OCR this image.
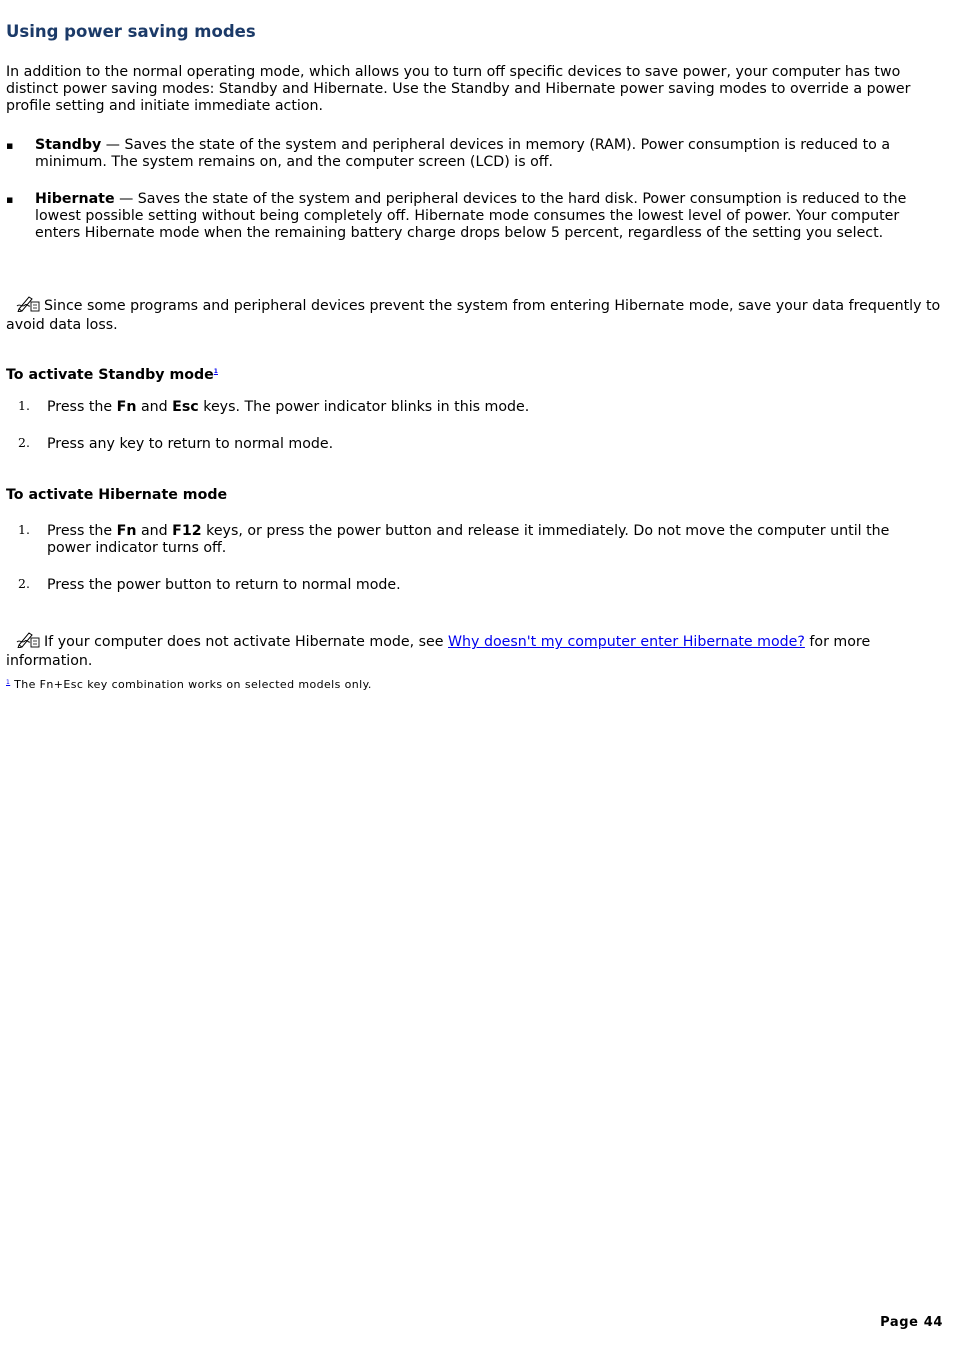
Using power saving modes

In addition to the normal operating mode, which allows you to turn off specific devices to save power, your computer has two distinct power saving modes: Standby and Hibernate. Use the Standby and Hibernate power saving modes to override a power profile setting and initiate immediate action.

▪ Standby — Saves the state of the system and peripheral devices in memory (RAM). Power consumption is reduced to a minimum. The system remains on, and the computer screen (LCD) is off.
▪ Hibernate — Saves the state of the system and peripheral devices to the hard disk. Power consumption is reduced to the lowest possible setting without being completely off. Hibernate mode consumes the lowest level of power. Your computer enters Hibernate mode when the remaining battery charge drops below 5 percent, regardless of the setting you select.
Since some programs and peripheral devices prevent the system from entering Hibernate mode, save your data frequently to avoid data loss.
To activate Standby mode$^1$
1. Press the Fn and Esc keys. The power indicator blinks in this mode.
2. Press any key to return to normal mode.
To activate Hibernate mode
1. Press the Fn and F12 keys, or press the power button and release it immediately. Do not move the computer until the power indicator turns off.
2. Press the power button to return to normal mode.
If your computer does not activate Hibernate mode, see Why doesn't my computer enter Hibernate mode? for more information.
$^1$ The Fn+Esc key combination works on selected models only.
Page 44
